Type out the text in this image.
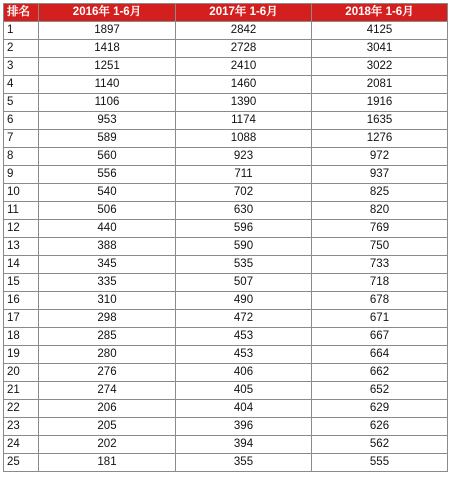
排名	2016年 1-6月	2017年 1-6月	2018年 1-6月
1	1897	2842	4125
2	1418	2728	3041
3	1251	2410	3022
4	1140	1460	2081
5	1106	1390	1916
6	953	1174	1635
7	589	1088	1276
8	560	923	972
9	556	711	937
10	540	702	825
11	506	630	820
12	440	596	769
13	388	590	750
14	345	535	733
15	335	507	718
16	310	490	678
17	298	472	671
18	285	453	667
19	280	453	664
20	276	406	662
21	274	405	652
22	206	404	629
23	205	396	626
24	202	394	562
25	181	355	555
